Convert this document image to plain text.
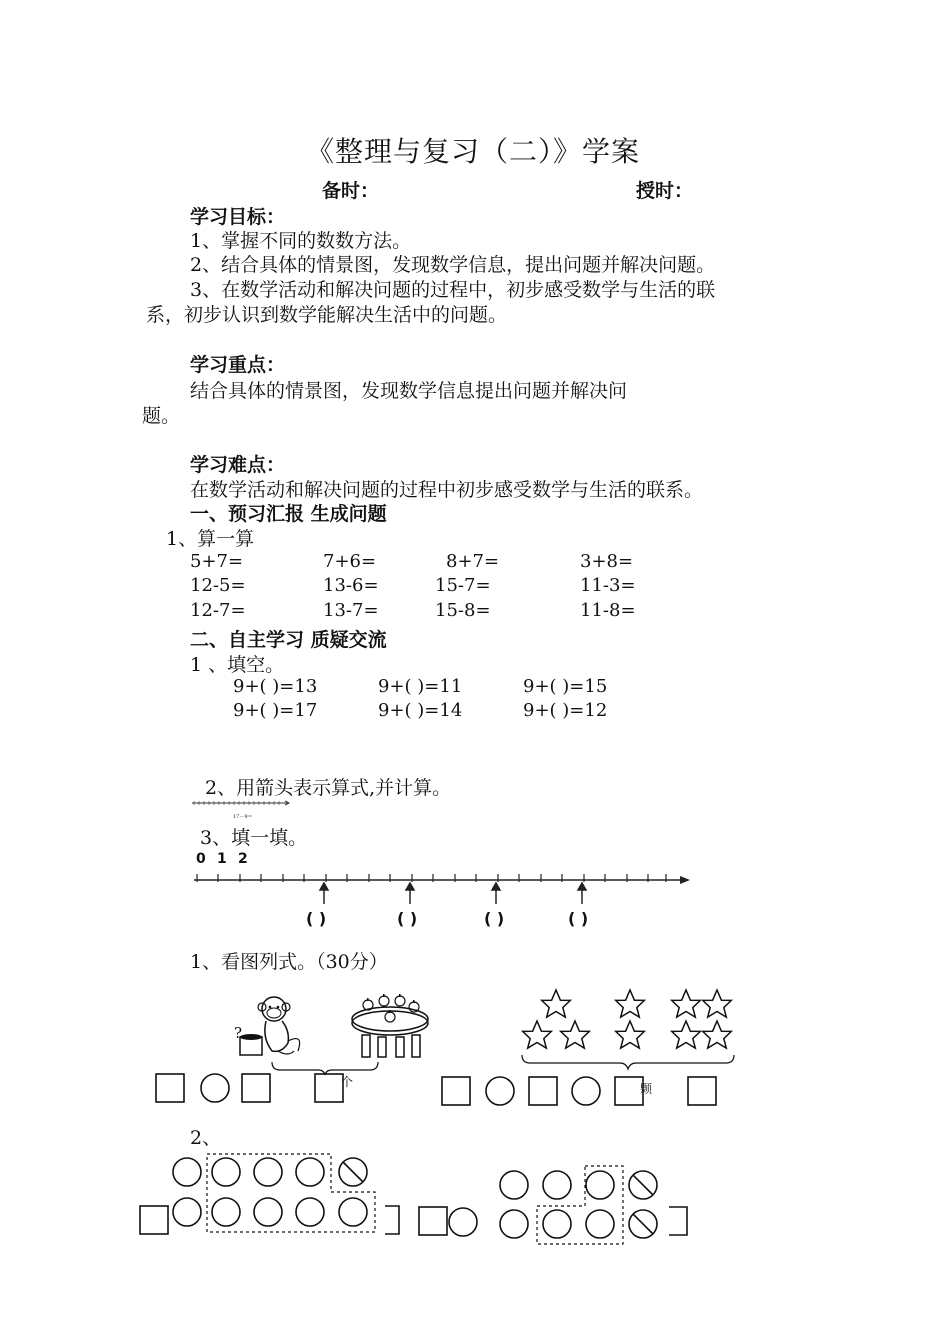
《整理与复习（二）》学案
备时：	授时：
学习目标：
1、掌握不同的数数方法。
2、结合具体的情景图，发现数学信息，提出问题并解决问题。
3、在数学活动和解决问题的过程中，初步感受数学与生活的联
系，初步认识到数学能解决生活中的问题。
学习重点：
结合具体的情景图，发现数学信息提出问题并解决问
题。
学习难点：
在数学活动和解决问题的过程中初步感受数学与生活的联系。
一、预习汇报 生成问题
1、算一算
5+7=	7+6=	8+7=	3+8=
12-5=	13-6=	15-7=	11-3=
12-7=	13-7=	15-8=	11-8=
二、自主学习 质疑交流
1 、填空。
9+( )=13	9+( )=11	9+( )=15
9+( )=17	9+( )=14	9+( )=12
2、用箭头表示算式,并计算。
17－9＝
3、填一填。
0 1 2
( )	( )	( )	( )
1、看图列式。（30分）
?
个	颗
2、
